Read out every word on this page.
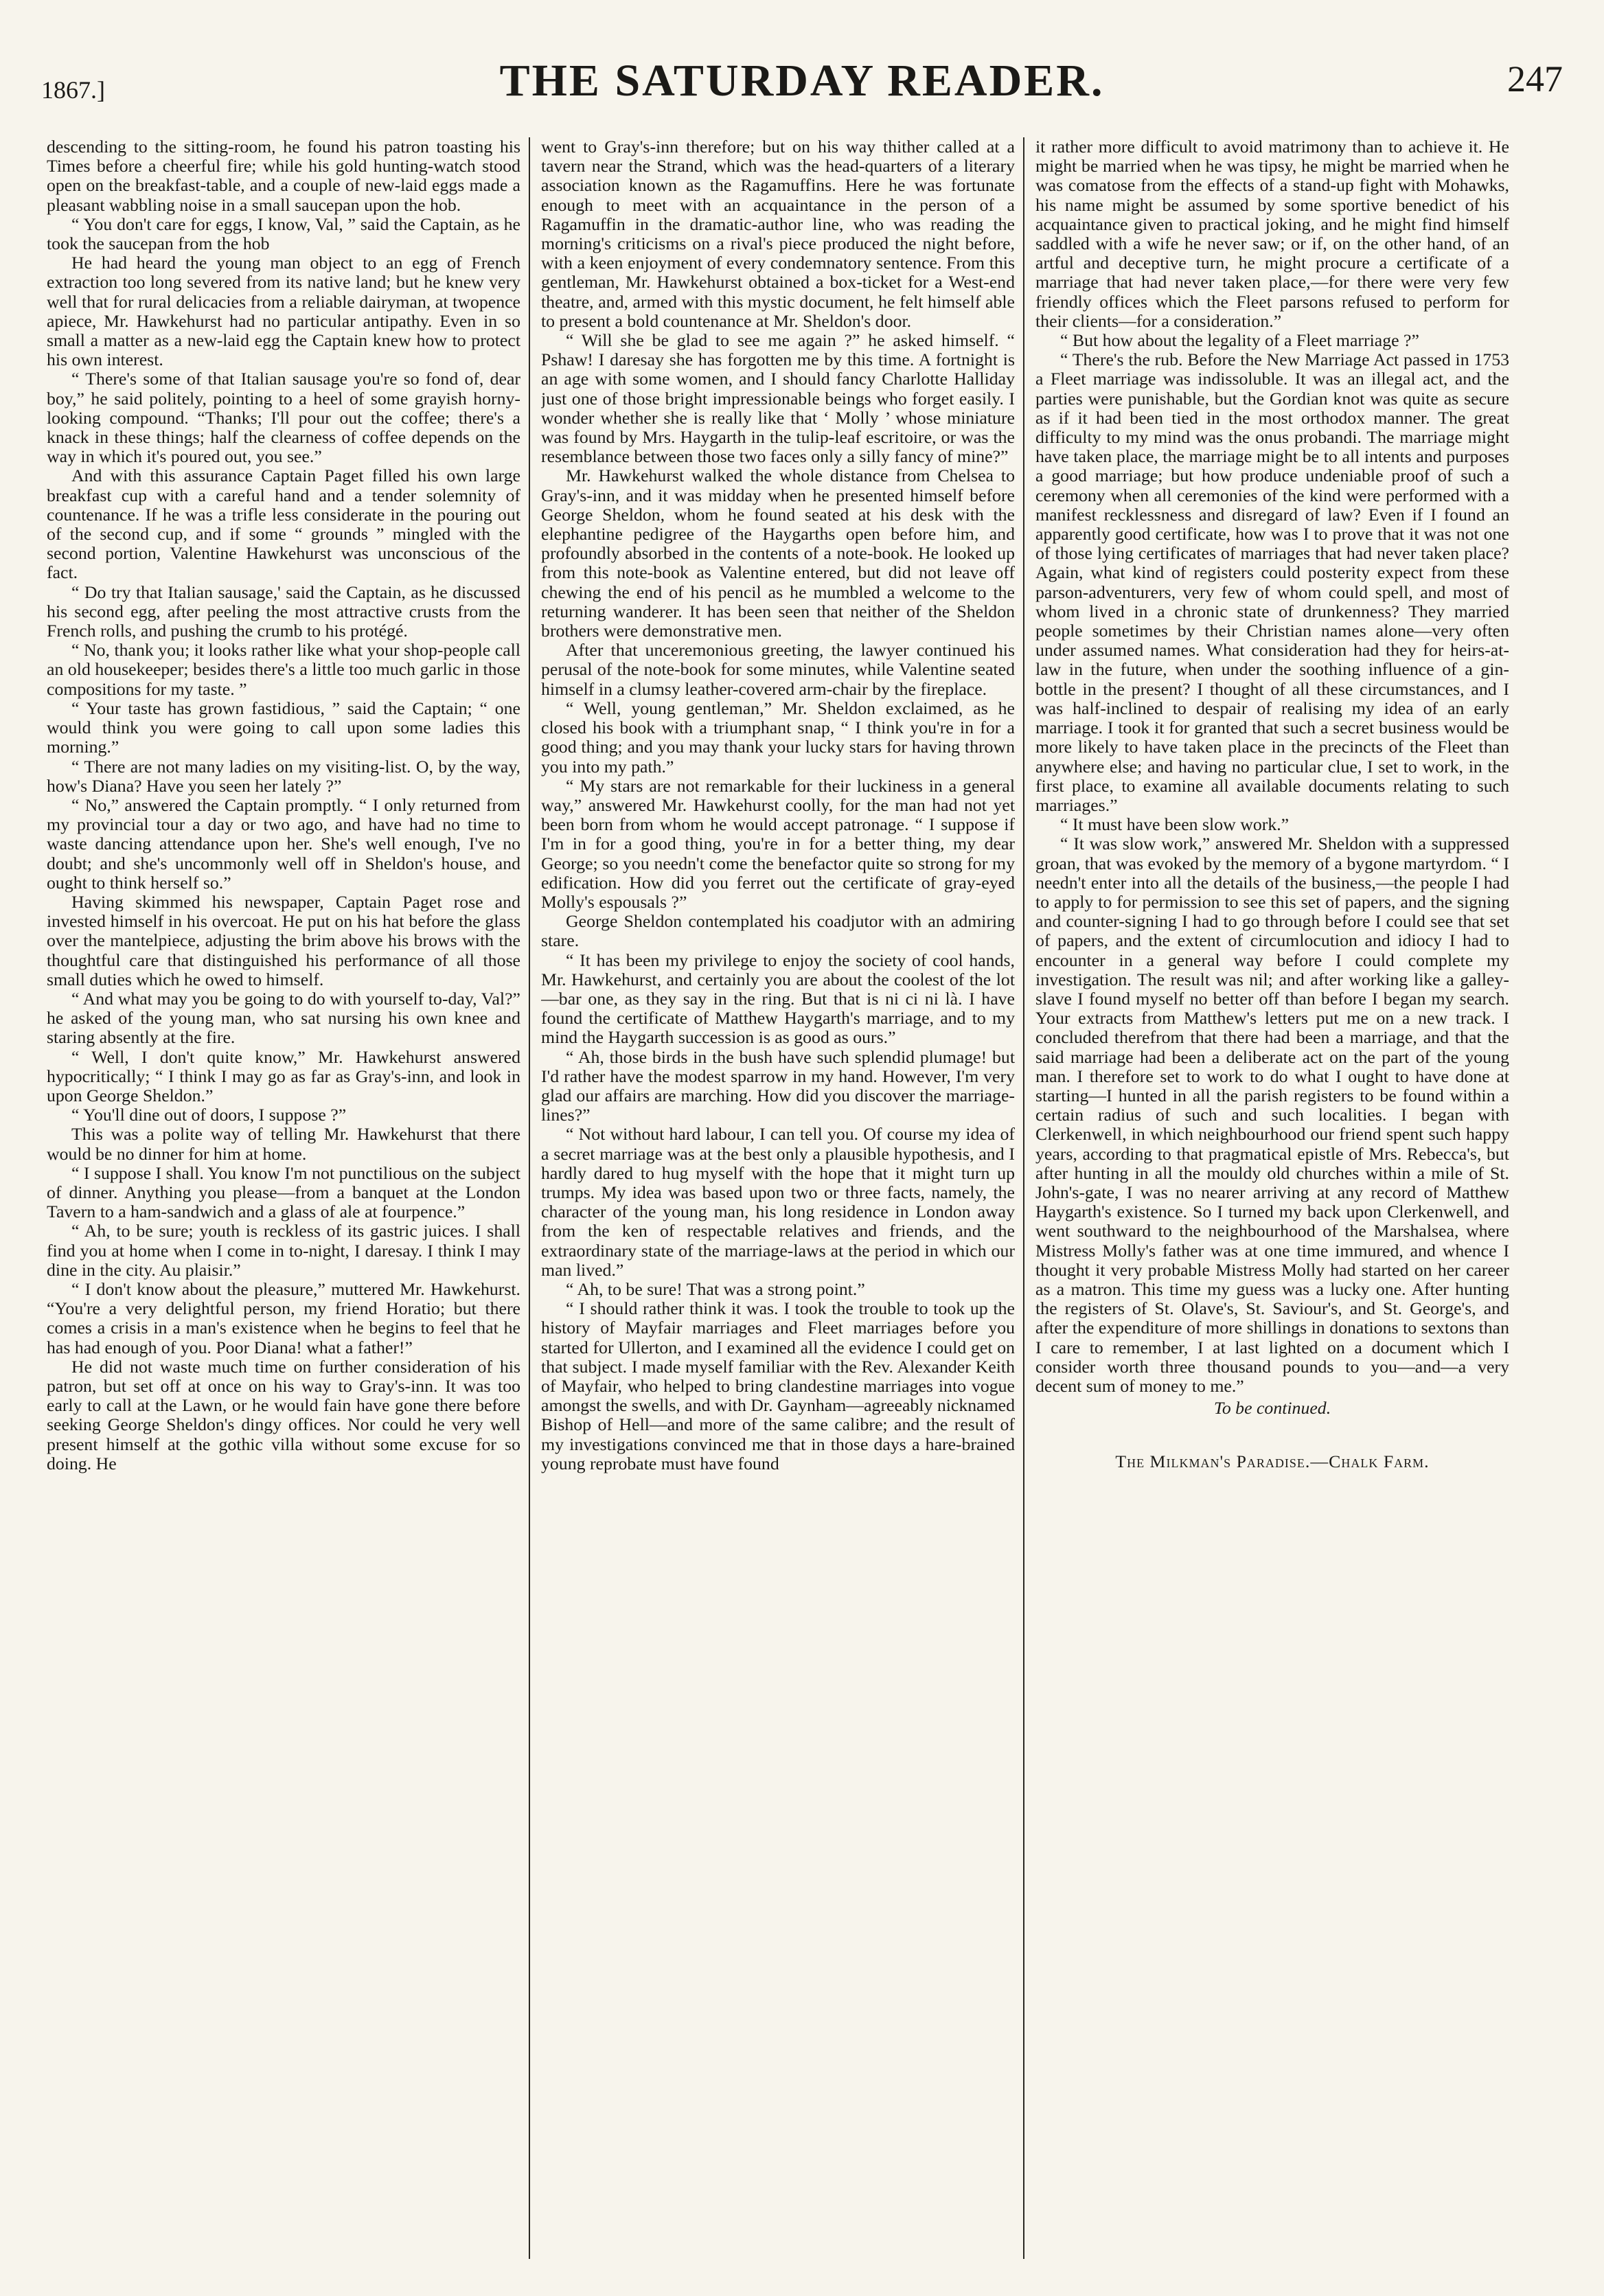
1867.]	THE SATURDAY READER.	247

descending to the sitting-room, he found his patron toasting his Times before a cheerful fire; while his gold hunting-watch stood open on the breakfast-table, and a couple of new-laid eggs made a pleasant wabbling noise in a small saucepan upon the hob.

“ You don't care for eggs, I know, Val, ” said the Captain, as he took the saucepan from the hob

He had heard the young man object to an egg of French extraction too long severed from its native land; but he knew very well that for rural delicacies from a reliable dairyman, at twopence apiece, Mr. Hawkehurst had no particular antipathy. Even in so small a matter as a new-laid egg the Captain knew how to protect his own interest.

“ There's some of that Italian sausage you're so fond of, dear boy,” he said politely, pointing to a heel of some grayish horny-looking compound. “Thanks; I'll pour out the coffee; there's a knack in these things; half the clearness of coffee depends on the way in which it's poured out, you see.”

And with this assurance Captain Paget filled his own large breakfast cup with a careful hand and a tender solemnity of countenance. If he was a trifle less considerate in the pouring out of the second cup, and if some “ grounds ” mingled with the second portion, Valentine Hawkehurst was unconscious of the fact.

“ Do try that Italian sausage,' said the Captain, as he discussed his second egg, after peeling the most attractive crusts from the French rolls, and pushing the crumb to his protégé.

“ No, thank you; it looks rather like what your shop-people call an old housekeeper; besides there's a little too much garlic in those compositions for my taste. ”

“ Your taste has grown fastidious, ” said the Captain; “ one would think you were going to call upon some ladies this morning.”

“ There are not many ladies on my visiting-list. O, by the way, how's Diana? Have you seen her lately ?”

“ No,” answered the Captain promptly. “ I only returned from my provincial tour a day or two ago, and have had no time to waste dancing attendance upon her. She's well enough, I've no doubt; and she's uncommonly well off in Sheldon's house, and ought to think herself so.”

Having skimmed his newspaper, Captain Paget rose and invested himself in his overcoat. He put on his hat before the glass over the mantelpiece, adjusting the brim above his brows with the thoughtful care that distinguished his performance of all those small duties which he owed to himself.

“ And what may you be going to do with yourself to-day, Val?” he asked of the young man, who sat nursing his own knee and staring absently at the fire.

“ Well, I don't quite know,” Mr. Hawkehurst answered hypocritically; “ I think I may go as far as Gray's-inn, and look in upon George Sheldon.”

“ You'll dine out of doors, I suppose ?”

This was a polite way of telling Mr. Hawkehurst that there would be no dinner for him at home.

“ I suppose I shall. You know I'm not punctilious on the subject of dinner. Anything you please—from a banquet at the London Tavern to a ham-sandwich and a glass of ale at fourpence.”

“ Ah, to be sure; youth is reckless of its gastric juices. I shall find you at home when I come in to-night, I daresay. I think I may dine in the city. Au plaisir.”

“ I don't know about the pleasure,” muttered Mr. Hawkehurst. “You're a very delightful person, my friend Horatio; but there comes a crisis in a man's existence when he begins to feel that he has had enough of you. Poor Diana! what a father!”

He did not waste much time on further consideration of his patron, but set off at once on his way to Gray's-inn. It was too early to call at the Lawn, or he would fain have gone there before seeking George Sheldon's dingy offices. Nor could he very well present himself at the gothic villa without some excuse for so doing. He

went to Gray's-inn therefore; but on his way thither called at a tavern near the Strand, which was the head-quarters of a literary association known as the Ragamuffins. Here he was fortunate enough to meet with an acquaintance in the person of a Ragamuffin in the dramatic-author line, who was reading the morning's criticisms on a rival's piece produced the night before, with a keen enjoyment of every condemnatory sentence. From this gentleman, Mr. Hawkehurst obtained a box-ticket for a West-end theatre, and, armed with this mystic document, he felt himself able to present a bold countenance at Mr. Sheldon's door.

“ Will she be glad to see me again ?” he asked himself. “ Pshaw! I daresay she has forgotten me by this time. A fortnight is an age with some women, and I should fancy Charlotte Halliday just one of those bright impressionable beings who forget easily. I wonder whether she is really like that ‘ Molly ’ whose miniature was found by Mrs. Haygarth in the tulip-leaf escritoire, or was the resemblance between those two faces only a silly fancy of mine?”

Mr. Hawkehurst walked the whole distance from Chelsea to Gray's-inn, and it was midday when he presented himself before George Sheldon, whom he found seated at his desk with the elephantine pedigree of the Haygarths open before him, and profoundly absorbed in the contents of a note-book. He looked up from this note-book as Valentine entered, but did not leave off chewing the end of his pencil as he mumbled a welcome to the returning wanderer. It has been seen that neither of the Sheldon brothers were demonstrative men.

After that unceremonious greeting, the lawyer continued his perusal of the note-book for some minutes, while Valentine seated himself in a clumsy leather-covered arm-chair by the fireplace.

“ Well, young gentleman,” Mr. Sheldon exclaimed, as he closed his book with a triumphant snap, “ I think you're in for a good thing; and you may thank your lucky stars for having thrown you into my path.”

“ My stars are not remarkable for their luckiness in a general way,” answered Mr. Hawkehurst coolly, for the man had not yet been born from whom he would accept patronage. “ I suppose if I'm in for a good thing, you're in for a better thing, my dear George; so you needn't come the benefactor quite so strong for my edification. How did you ferret out the certificate of gray-eyed Molly's espousals ?”

George Sheldon contemplated his coadjutor with an admiring stare.

“ It has been my privilege to enjoy the society of cool hands, Mr. Hawkehurst, and certainly you are about the coolest of the lot—bar one, as they say in the ring. But that is ni ci ni là. I have found the certificate of Matthew Haygarth's marriage, and to my mind the Haygarth succession is as good as ours.”

“ Ah, those birds in the bush have such splendid plumage! but I'd rather have the modest sparrow in my hand. However, I'm very glad our affairs are marching. How did you discover the marriage-lines?”

“ Not without hard labour, I can tell you. Of course my idea of a secret marriage was at the best only a plausible hypothesis, and I hardly dared to hug myself with the hope that it might turn up trumps. My idea was based upon two or three facts, namely, the character of the young man, his long residence in London away from the ken of respectable relatives and friends, and the extraordinary state of the marriage-laws at the period in which our man lived.”

“ Ah, to be sure! That was a strong point.”

“ I should rather think it was. I took the trouble to took up the history of Mayfair marriages and Fleet marriages before you started for Ullerton, and I examined all the evidence I could get on that subject. I made myself familiar with the Rev. Alexander Keith of Mayfair, who helped to bring clandestine marriages into vogue amongst the swells, and with Dr. Gaynham—agreeably nicknamed Bishop of Hell—and more of the same calibre; and the result of my investigations convinced me that in those days a hare-brained young reprobate must have found

it rather more difficult to avoid matrimony than to achieve it. He might be married when he was tipsy, he might be married when he was comatose from the effects of a stand-up fight with Mohawks, his name might be assumed by some sportive benedict of his acquaintance given to practical joking, and he might find himself saddled with a wife he never saw; or if, on the other hand, of an artful and deceptive turn, he might procure a certificate of a marriage that had never taken place,—for there were very few friendly offices which the Fleet parsons refused to perform for their clients—for a consideration.”

“ But how about the legality of a Fleet marriage ?”

“ There's the rub. Before the New Marriage Act passed in 1753 a Fleet marriage was indissoluble. It was an illegal act, and the parties were punishable, but the Gordian knot was quite as secure as if it had been tied in the most orthodox manner. The great difficulty to my mind was the onus probandi. The marriage might have taken place, the marriage might be to all intents and purposes a good marriage; but how produce undeniable proof of such a ceremony when all ceremonies of the kind were performed with a manifest recklessness and disregard of law? Even if I found an apparently good certificate, how was I to prove that it was not one of those lying certificates of marriages that had never taken place? Again, what kind of registers could posterity expect from these parson-adventurers, very few of whom could spell, and most of whom lived in a chronic state of drunkenness? They married people sometimes by their Christian names alone—very often under assumed names. What consideration had they for heirs-at-law in the future, when under the soothing influence of a gin-bottle in the present? I thought of all these circumstances, and I was half-inclined to despair of realising my idea of an early marriage. I took it for granted that such a secret business would be more likely to have taken place in the precincts of the Fleet than anywhere else; and having no particular clue, I set to work, in the first place, to examine all available documents relating to such marriages.”

“ It must have been slow work.”

“ It was slow work,” answered Mr. Sheldon with a suppressed groan, that was evoked by the memory of a bygone martyrdom. “ I needn't enter into all the details of the business,—the people I had to apply to for permission to see this set of papers, and the signing and counter-signing I had to go through before I could see that set of papers, and the extent of circumlocution and idiocy I had to encounter in a general way before I could complete my investigation. The result was nil; and after working like a galley-slave I found myself no better off than before I began my search. Your extracts from Matthew's letters put me on a new track. I concluded therefrom that there had been a marriage, and that the said marriage had been a deliberate act on the part of the young man. I therefore set to work to do what I ought to have done at starting—I hunted in all the parish registers to be found within a certain radius of such and such localities. I began with Clerkenwell, in which neighbourhood our friend spent such happy years, according to that pragmatical epistle of Mrs. Rebecca's, but after hunting in all the mouldy old churches within a mile of St. John's-gate, I was no nearer arriving at any record of Matthew Haygarth's existence. So I turned my back upon Clerkenwell, and went southward to the neighbourhood of the Marshalsea, where Mistress Molly's father was at one time immured, and whence I thought it very probable Mistress Molly had started on her career as a matron. This time my guess was a lucky one. After hunting the registers of St. Olave's, St. Saviour's, and St. George's, and after the expenditure of more shillings in donations to sextons than I care to remember, I at last lighted on a document which I consider worth three thousand pounds to you—and—a very decent sum of money to me.”

To be continued.

The Milkman's Paradise.—Chalk Farm.
